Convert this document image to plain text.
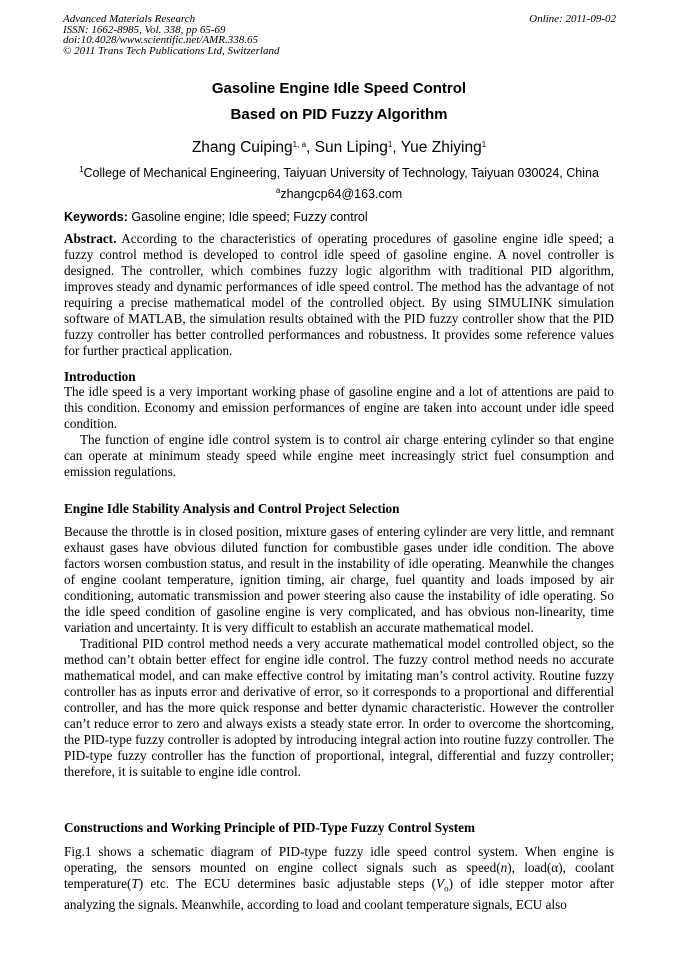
Advanced Materials Research
ISSN: 1662-8985, Vol. 338, pp 65-69
doi:10.4028/www.scientific.net/AMR.338.65
© 2011 Trans Tech Publications Ltd, Switzerland
Online: 2011-09-02
Gasoline Engine Idle Speed Control
Based on PID Fuzzy Algorithm
Zhang Cuiping$^{1, a}$, Sun Liping$^1$, Yue Zhiying$^1$
$^1$College of Mechanical Engineering, Taiyuan University of Technology, Taiyuan 030024, China
$^a$zhangcp64@163.com
Keywords: Gasoline engine; Idle speed; Fuzzy control

Abstract. According to the characteristics of operating procedures of gasoline engine idle speed; a fuzzy control method is developed to control idle speed of gasoline engine. A novel controller is designed. The controller, which combines fuzzy logic algorithm with traditional PID algorithm, improves steady and dynamic performances of idle speed control. The method has the advantage of not requiring a precise mathematical model of the controlled object. By using SIMULINK simulation software of MATLAB, the simulation results obtained with the PID fuzzy controller show that the PID fuzzy controller has better controlled performances and robustness. It provides some reference values for further practical application.

Introduction

The idle speed is a very important working phase of gasoline engine and a lot of attentions are paid to this condition. Economy and emission performances of engine are taken into account under idle speed condition.

The function of engine idle control system is to control air charge entering cylinder so that engine can operate at minimum steady speed while engine meet increasingly strict fuel consumption and emission regulations.

Engine Idle Stability Analysis and Control Project Selection

Because the throttle is in closed position, mixture gases of entering cylinder are very little, and remnant exhaust gases have obvious diluted function for combustible gases under idle condition. The above factors worsen combustion status, and result in the instability of idle operating. Meanwhile the changes of engine coolant temperature, ignition timing, air charge, fuel quantity and loads imposed by air conditioning, automatic transmission and power steering also cause the instability of idle operating. So the idle speed condition of gasoline engine is very complicated, and has obvious non-linearity, time variation and uncertainty. It is very difficult to establish an accurate mathematical model.

Traditional PID control method needs a very accurate mathematical model controlled object, so the method can’t obtain better effect for engine idle control. The fuzzy control method needs no accurate mathematical model, and can make effective control by imitating man’s control activity. Routine fuzzy controller has as inputs error and derivative of error, so it corresponds to a proportional and differential controller, and has the more quick response and better dynamic characteristic. However the controller can’t reduce error to zero and always exists a steady state error. In order to overcome the shortcoming, the PID-type fuzzy controller is adopted by introducing integral action into routine fuzzy controller. The PID-type fuzzy controller has the function of proportional, integral, differential and fuzzy controller; therefore, it is suitable to engine idle control.

Constructions and Working Principle of PID-Type Fuzzy Control System

Fig.1 shows a schematic diagram of PID-type fuzzy idle speed control system. When engine is operating, the sensors mounted on engine collect signals such as speed(n), load(α), coolant temperature(T) etc. The ECU determines basic adjustable steps $(V_o)$ of idle stepper motor after analyzing the signals. Meanwhile, according to load and coolant temperature signals, ECU also
